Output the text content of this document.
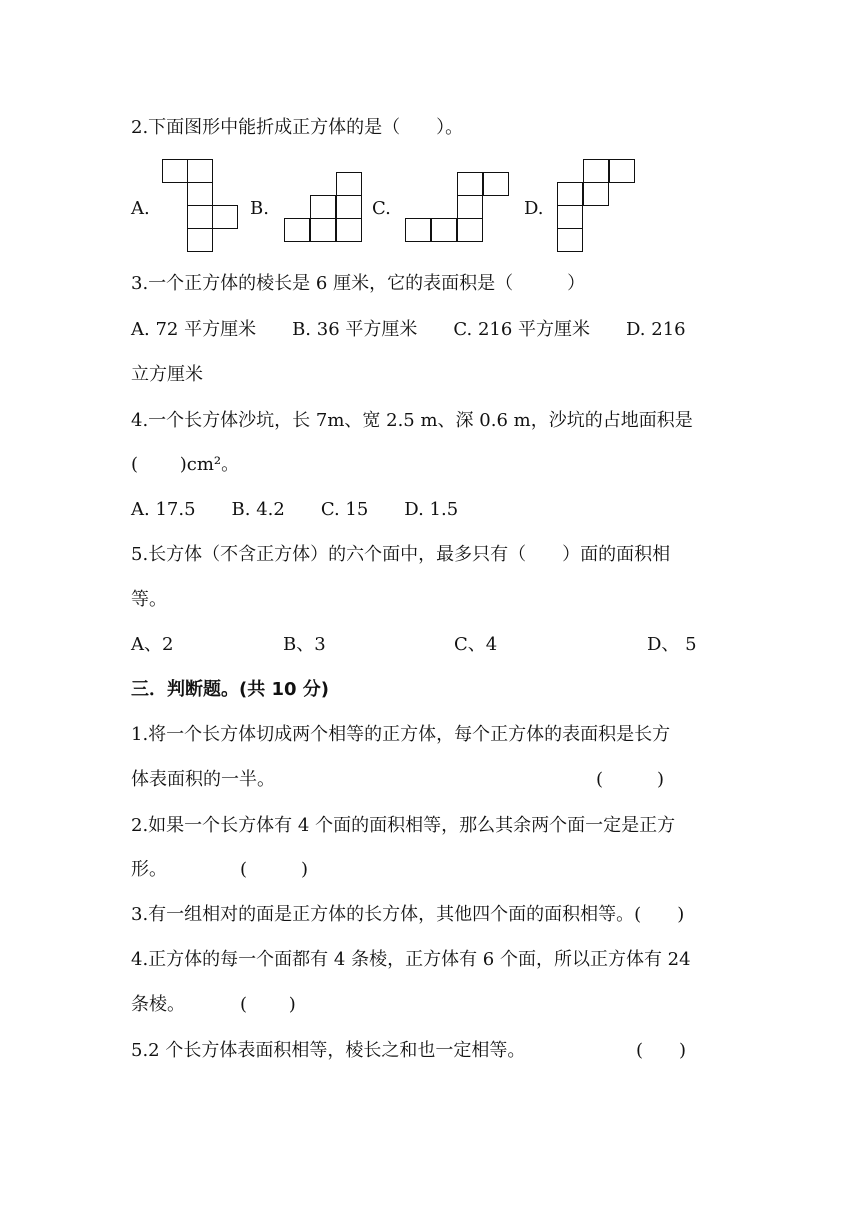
2.下面图形中能折成正方体的是（　　）。
A.	B.	C.	D.
3.一个正方体的棱长是 6 厘米，它的表面积是（　　　）
A. 72 平方厘米　　B. 36 平方厘米　　C. 216 平方厘米　　D. 216
立方厘米
4.一个长方体沙坑，长 7m、宽 2.5 m、深 0.6 m，沙坑的占地面积是
(　　 )cm²。
A. 17.5　　B. 4.2　　C. 15　　D. 1.5
5.长方体（不含正方体）的六个面中，最多只有（　　）面的面积相
等。
A、2	B、3	C、4	D、 5
三．判断题。(共 10 分)
1.将一个长方体切成两个相等的正方体，每个正方体的表面积是长方
体表面积的一半。	(　　　)
2.如果一个长方体有 4 个面的面积相等，那么其余两个面一定是正方
形。	(　　　)
3.有一组相对的面是正方体的长方体，其他四个面的面积相等。(　　)
4.正方体的每一个面都有 4 条棱，正方体有 6 个面，所以正方体有 24
条棱。	(　　 )
5.2 个长方体表面积相等，棱长之和也一定相等。	(　　)
